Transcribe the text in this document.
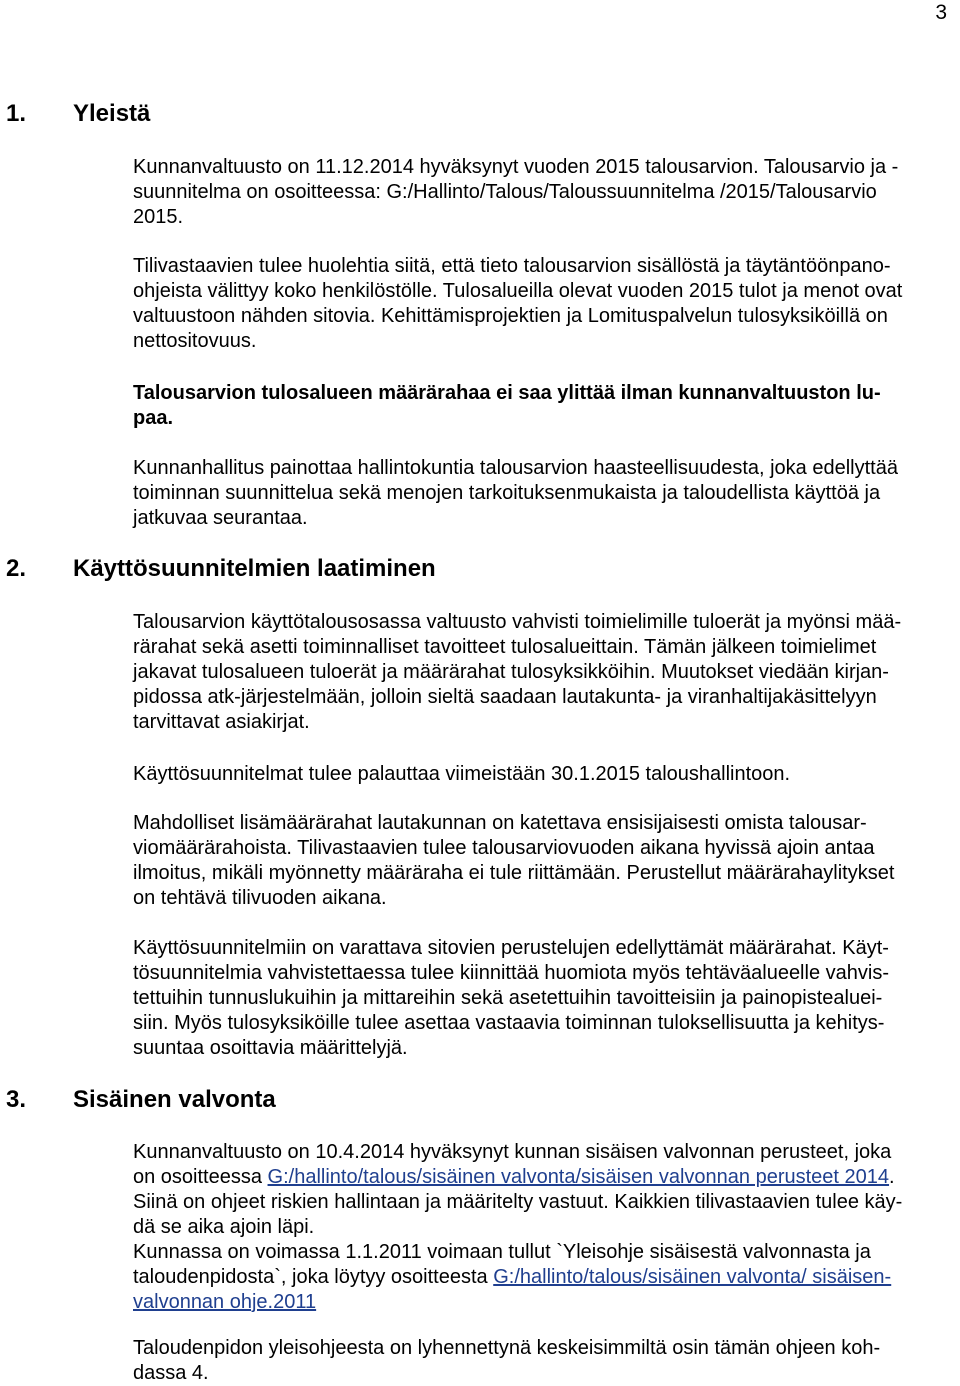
3
1. Yleistä
Kunnanvaltuusto on 11.12.2014 hyväksynyt vuoden 2015 talousarvion. Talousarvio ja -
suunnitelma on osoitteessa: G:/Hallinto/Talous/Taloussuunnitelma /2015/Talousarvio
2015.
Tilivastaavien tulee huolehtia siitä, että tieto talousarvion sisällöstä ja täytäntöönpano-
ohjeista välittyy koko henkilöstölle. Tulosalueilla olevat vuoden 2015 tulot ja menot ovat
valtuustoon nähden sitovia. Kehittämisprojektien ja Lomituspalvelun tulosyksiköillä on
nettositovuus.
Talousarvion tulosalueen määrärahaa ei saa ylittää ilman kunnanvaltuuston lu-
paa.
Kunnanhallitus painottaa hallintokuntia talousarvion haasteellisuudesta, joka edellyttää
toiminnan suunnittelua sekä menojen tarkoituksenmukaista ja taloudellista käyttöä ja
jatkuvaa seurantaa.
2. Käyttösuunnitelmien laatiminen
Talousarvion käyttötalousosassa valtuusto vahvisti toimielimille tuloerät ja myönsi mää-
rärahat sekä asetti toiminnalliset tavoitteet tulosalueittain. Tämän jälkeen toimielimet
jakavat tulosalueen tuloerät ja määrärahat tulosyksikköihin. Muutokset viedään kirjan-
pidossa atk-järjestelmään, jolloin sieltä saadaan lautakunta- ja viranhaltijakäsittelyyn
tarvittavat asiakirjat.
Käyttösuunnitelmat tulee palauttaa viimeistään 30.1.2015 taloushallintoon.
Mahdolliset lisämäärärahat lautakunnan on katettava ensisijaisesti omista talousar-
viomäärärahoista. Tilivastaavien tulee talousarviovuoden aikana hyvissä ajoin antaa
ilmoitus, mikäli myönnetty määräraha ei tule riittämään. Perustellut määrärahaylitykset
on tehtävä tilivuoden aikana.
Käyttösuunnitelmiin on varattava sitovien perustelujen edellyttämät määrärahat. Käyt-
tösuunnitelmia vahvistettaessa tulee kiinnittää huomiota myös tehtäväalueelle vahvis-
tettuihin tunnuslukuihin ja mittareihin sekä asetettuihin tavoitteisiin ja painopistealuei-
siin. Myös tulosyksiköille tulee asettaa vastaavia toiminnan tuloksellisuutta ja kehitys-
suuntaa osoittavia määrittelyjä.
3. Sisäinen valvonta
Kunnanvaltuusto on 10.4.2014 hyväksynyt kunnan sisäisen valvonnan perusteet, joka
on osoitteessa G:/hallinto/talous/sisäinen valvonta/sisäisen valvonnan perusteet 2014.
Siinä on ohjeet riskien hallintaan ja määritelty vastuut. Kaikkien tilivastaavien tulee käy-
dä se aika ajoin läpi.
Kunnassa on voimassa 1.1.2011 voimaan tullut `Yleisohje sisäisestä valvonnasta ja
taloudenpidosta`, joka löytyy osoitteesta G:/hallinto/talous/sisäinen valvonta/ sisäisen-
valvonnan ohje.2011
Taloudenpidon yleisohjeesta on lyhennettynä keskeisimmiltä osin tämän ohjeen koh-
dassa 4.
